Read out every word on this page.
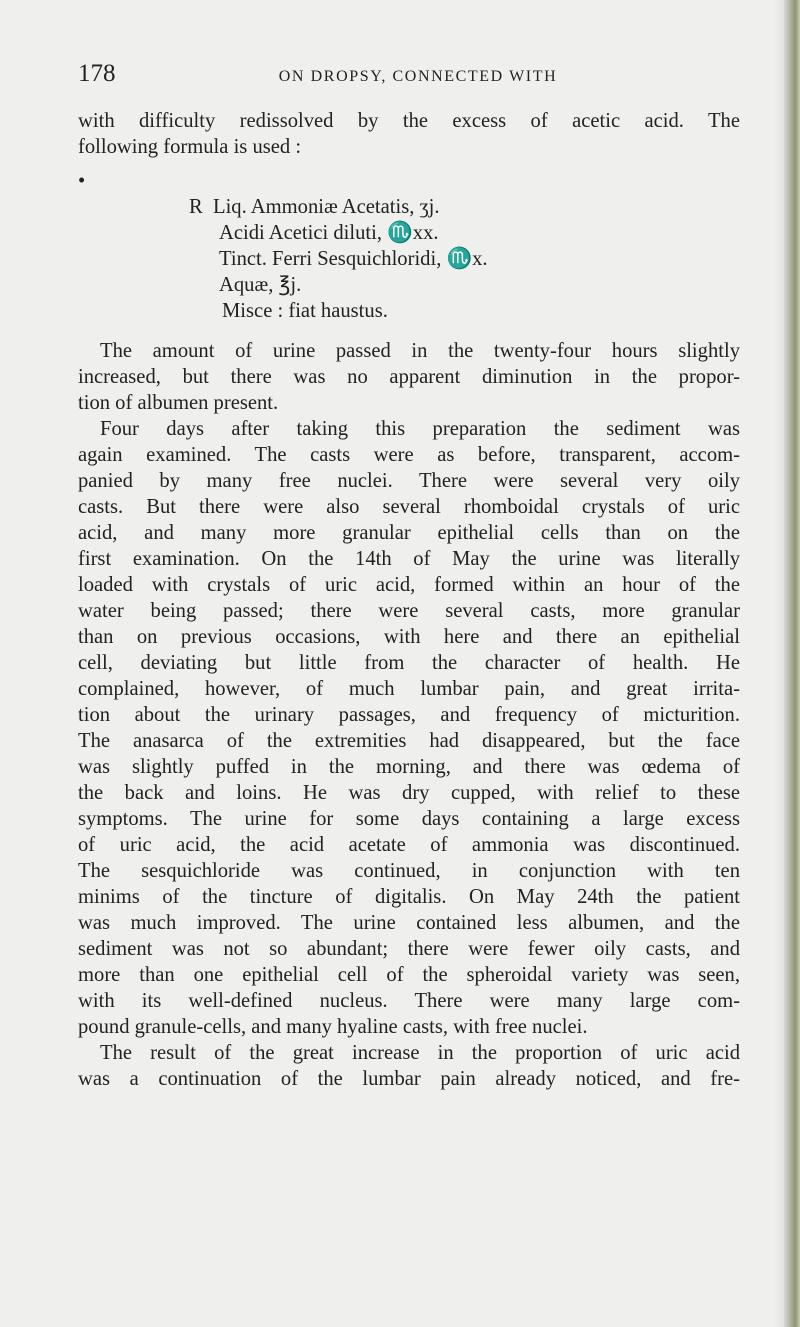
178	ON DROPSY, CONNECTED WITH

with difficulty redissolved by the excess of acetic acid. The

following formula is used :

•
R Liq. Ammoniæ Acetatis, ʒj.
Acidi Acetici diluti, ♏xx.
Tinct. Ferri Sesquichloridi, ♏x.
Aquæ, ℥j.
Misce : fiat haustus.

The amount of urine passed in the twenty-four hours slightly

increased, but there was no apparent diminution in the propor-

tion of albumen present.

Four days after taking this preparation the sediment was

again examined. The casts were as before, transparent, accom-

panied by many free nuclei. There were several very oily

casts. But there were also several rhomboidal crystals of uric

acid, and many more granular epithelial cells than on the

first examination. On the 14th of May the urine was literally

loaded with crystals of uric acid, formed within an hour of the

water being passed; there were several casts, more granular

than on previous occasions, with here and there an epithelial

cell, deviating but little from the character of health. He

complained, however, of much lumbar pain, and great irrita-

tion about the urinary passages, and frequency of micturition.

The anasarca of the extremities had disappeared, but the face

was slightly puffed in the morning, and there was œdema of

the back and loins. He was dry cupped, with relief to these

symptoms. The urine for some days containing a large excess

of uric acid, the acid acetate of ammonia was discontinued.

The sesquichloride was continued, in conjunction with ten

minims of the tincture of digitalis. On May 24th the patient

was much improved. The urine contained less albumen, and the

sediment was not so abundant; there were fewer oily casts, and

more than one epithelial cell of the spheroidal variety was seen,

with its well-defined nucleus. There were many large com-

pound granule-cells, and many hyaline casts, with free nuclei.

The result of the great increase in the proportion of uric acid

was a continuation of the lumbar pain already noticed, and fre-
